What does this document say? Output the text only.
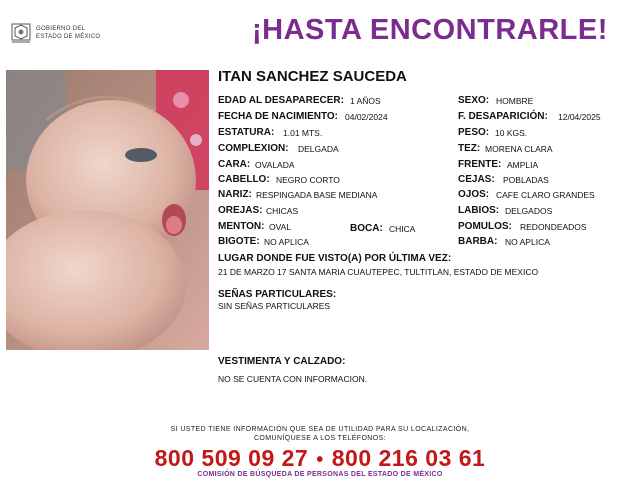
GOBIERNO DEL
ESTADO DE MÉXICO	¡HASTA ENCONTRARLE!
ITAN SANCHEZ SAUCEDA
EDAD AL DESAPARECER: 1 AÑOS
FECHA DE NACIMIENTO: 04/02/2024
ESTATURA: 1.01 MTS.
COMPLEXION: DELGADA
CARA: OVALADA
CABELLO: NEGRO CORTO
NARIZ: RESPINGADA BASE MEDIANA
OREJAS: CHICAS
MENTON: OVAL	BOCA: CHICA
BIGOTE: NO APLICA
SEXO: HOMBRE
F. DESAPARICIÓN: 12/04/2025
PESO: 10 KGS.
TEZ: MORENA CLARA
FRENTE: AMPLIA
CEJAS: POBLADAS
OJOS: CAFE CLARO GRANDES
LABIOS: DELGADOS
POMULOS: REDONDEADOS
BARBA: NO APLICA
LUGAR DONDE FUE VISTO(A) POR ÚLTIMA VEZ:
21 DE MARZO 17 SANTA MARIA CUAUTEPEC, TULTITLAN, ESTADO DE MEXICO
SEÑAS PARTICULARES:
SIN SEÑAS PARTICULARES
VESTIMENTA Y CALZADO:
NO SE CUENTA CON INFORMACION.
SI USTED TIENE INFORMACIÓN QUE SEA DE UTILIDAD PARA SU LOCALIZACIÓN,
COMUNÍQUESE A LOS TELÉFONOS:
800 509 09 27 • 800 216 03 61
COMISIÓN DE BÚSQUEDA DE PERSONAS DEL ESTADO DE MÉXICO
